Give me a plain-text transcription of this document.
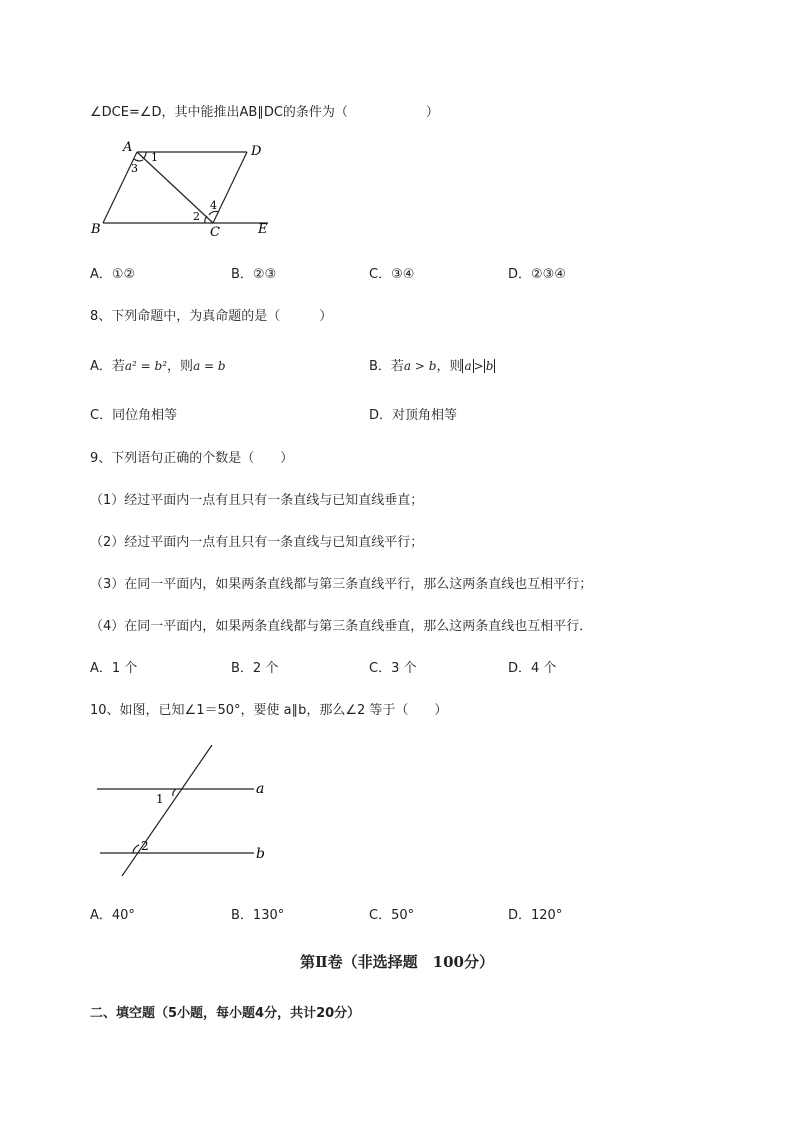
∠DCE=∠D，其中能推出AB∥DC的条件为（　　　　　　）
A	D
B	C	E
1
3
2
4
A．①②	B．②③	C．③④	D．②③④
8、下列命题中，为真命题的是（　　　）
A．若a² = b²，则a = b	B．若a > b，则 a > b
C．同位角相等	D．对顶角相等
9、下列语句正确的个数是（　　）
（1）经过平面内一点有且只有一条直线与已知直线垂直；
（2）经过平面内一点有且只有一条直线与已知直线平行；
（3）在同一平面内，如果两条直线都与第三条直线平行，那么这两条直线也互相平行；
（4）在同一平面内，如果两条直线都与第三条直线垂直，那么这两条直线也互相平行．
A．1 个	B．2 个	C．3 个	D．4 个
10、如图，已知∠1＝50°，要使 a∥b，那么∠2 等于（　　）
a
b
1
2
A．40°	B．130°	C．50°	D．120°
第Ⅱ卷（非选择题　100分）
二、填空题（5小题，每小题4分，共计20分）
